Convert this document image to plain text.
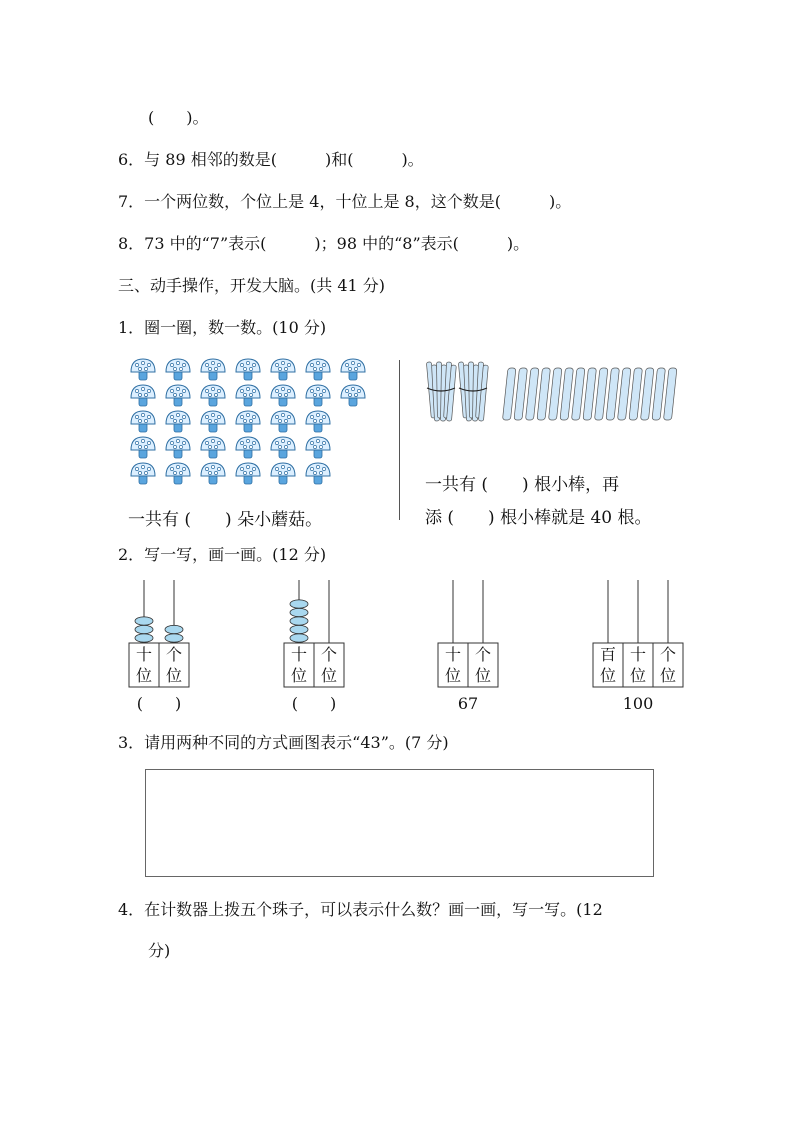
(　　)。
6．与 89 相邻的数是(　　　)和(　　　)。
7．一个两位数，个位上是 4，十位上是 8，这个数是(　　　)。
8．73 中的“7”表示(　　　)；98 中的“8”表示(　　　)。
三、动手操作，开发大脑。(共 41 分)
1．圈一圈，数一数。(10 分)
一共有 (　　) 朵小蘑菇。
一共有 (　　) 根小棒，再
添 (　　) 根小棒就是 40 根。
2．写一写，画一画。(12 分)
十
位
个
位
(　　)
十
位
个
位
(　　)
十
位
个
位
67
百
位
十
位
个
位
100
3．请用两种不同的方式画图表示“43”。(7 分)
4．在计数器上拨五个珠子，可以表示什么数？画一画，写一写。(12
分)
